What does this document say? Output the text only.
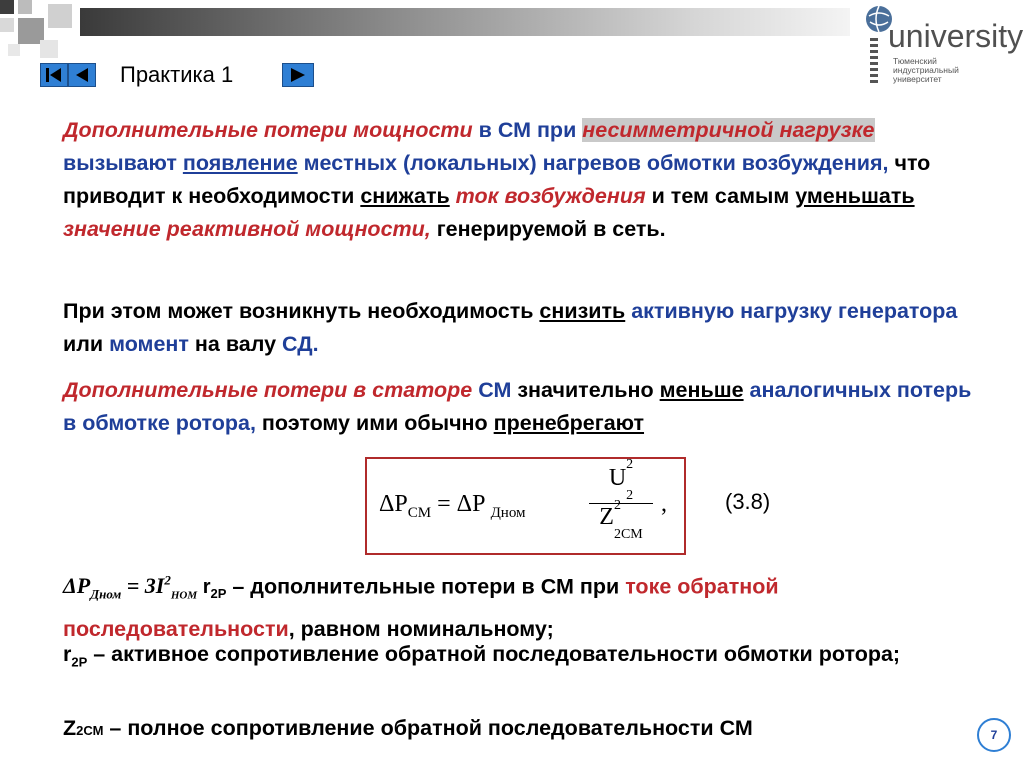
university
Тюменский
индустриальный
университет
Практика 1
Дополнительные потери мощности в СМ при несимметричной нагрузке вызывают появление местных (локальных) нагревов обмотки возбуждения, что приводит к необходимости снижать ток возбуждения и тем самым уменьшать значение реактивной мощности, генерируемой в сеть.
При этом может возникнуть необходимость снизить активную нагрузку генератора или момент на валу СД.
Дополнительные потери в статоре СМ значительно меньше аналогичных потерь в обмотке ротора, поэтому ими обычно пренебрегают
$\Delta P_{СМ} = \Delta P$ $_{Дном}$
U
2
$_2$
Z 2
$_{2СМ}$
,	(3.8)
$\Delta P_{Дном} = 3I^2_{НОМ}$ $r_{2Р}$ – дополнительные потери в СМ при токе обратной последовательности, равном номинальному;
$r_{2Р}$ – активное сопротивление обратной последовательности обмотки ротора;
Z2СМ – полное сопротивление обратной последовательности СМ	7
